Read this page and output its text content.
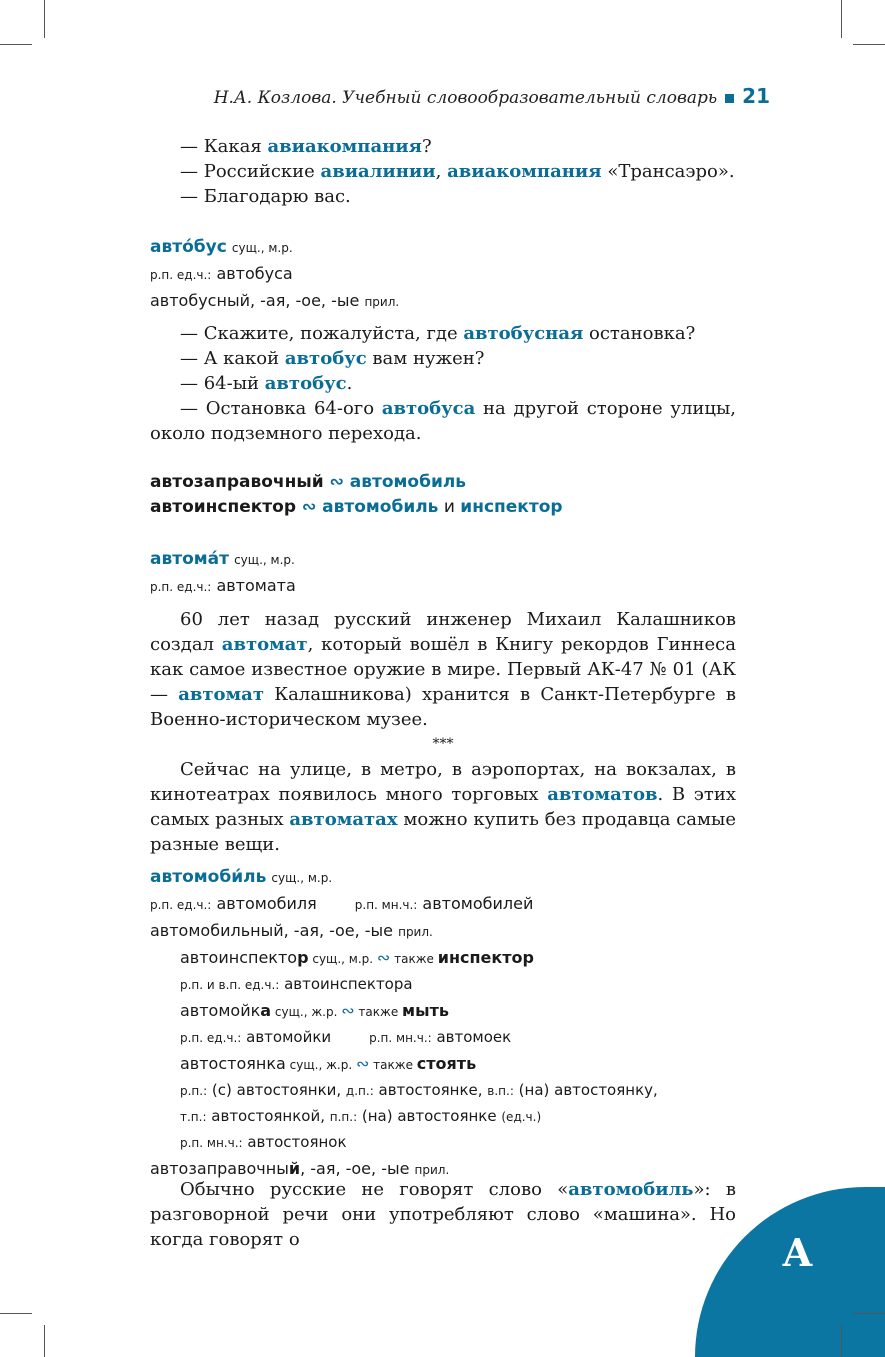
Н.А. Козлова. Учебный словообразовательный словарь 21

— Какая авиакомпания?

— Российские авиалинии, авиакомпания «Трансаэро».

— Благодарю вас.

авто́бус сущ., м.р.
р.п. ед.ч.: автобуса
автобусный, -ая, -ое, -ые прил.

— Скажите, пожалуйста, где автобусная остановка?

— А какой автобус вам нужен?

— 64-ый автобус.

— Остановка 64-ого автобуса на другой стороне улицы, около подземного перехода.

автозаправочный ∾ автомобиль
автоинспектор ∾ автомобиль и инспектор
автома́т сущ., м.р.
р.п. ед.ч.: автомата

60 лет назад русский инженер Михаил Калашников создал автомат, который вошёл в Книгу рекордов Гиннеса как самое известное оружие в мире. Первый АК-47 № 01 (АК — автомат Калашникова) хранится в Санкт-Петербурге в Военно-историческом музее.

***

Сейчас на улице, в метро, в аэропортах, на вокзалах, в кинотеатрах появилось много торговых автоматов. В этих самых разных автоматах можно купить без продавца самые разные вещи.

автомоби́ль сущ., м.р.
р.п. ед.ч.: автомобиля	р.п. мн.ч.: автомобилей
автомобильный, -ая, -ое, -ые прил.
автоинспектор сущ., м.р. ∾ также инспектор
р.п. и в.п. ед.ч.: автоинспектора
автомойка сущ., ж.р. ∾ также мыть
р.п. ед.ч.: автомойки	р.п. мн.ч.: автомоек
автостоянка сущ., ж.р. ∾ также стоять
р.п.: (с) автостоянки, д.п.: автостоянке, в.п.: (на) автостоянку,
т.п.: автостоянкой, п.п.: (на) автостоянке (ед.ч.)
р.п. мн.ч.: автостоянок
автозаправочный, -ая, -ое, -ые прил.

Обычно русские не говорят слово «автомобиль»: в разговорной речи они употребляют слово «машина». Но когда говорят о	А
